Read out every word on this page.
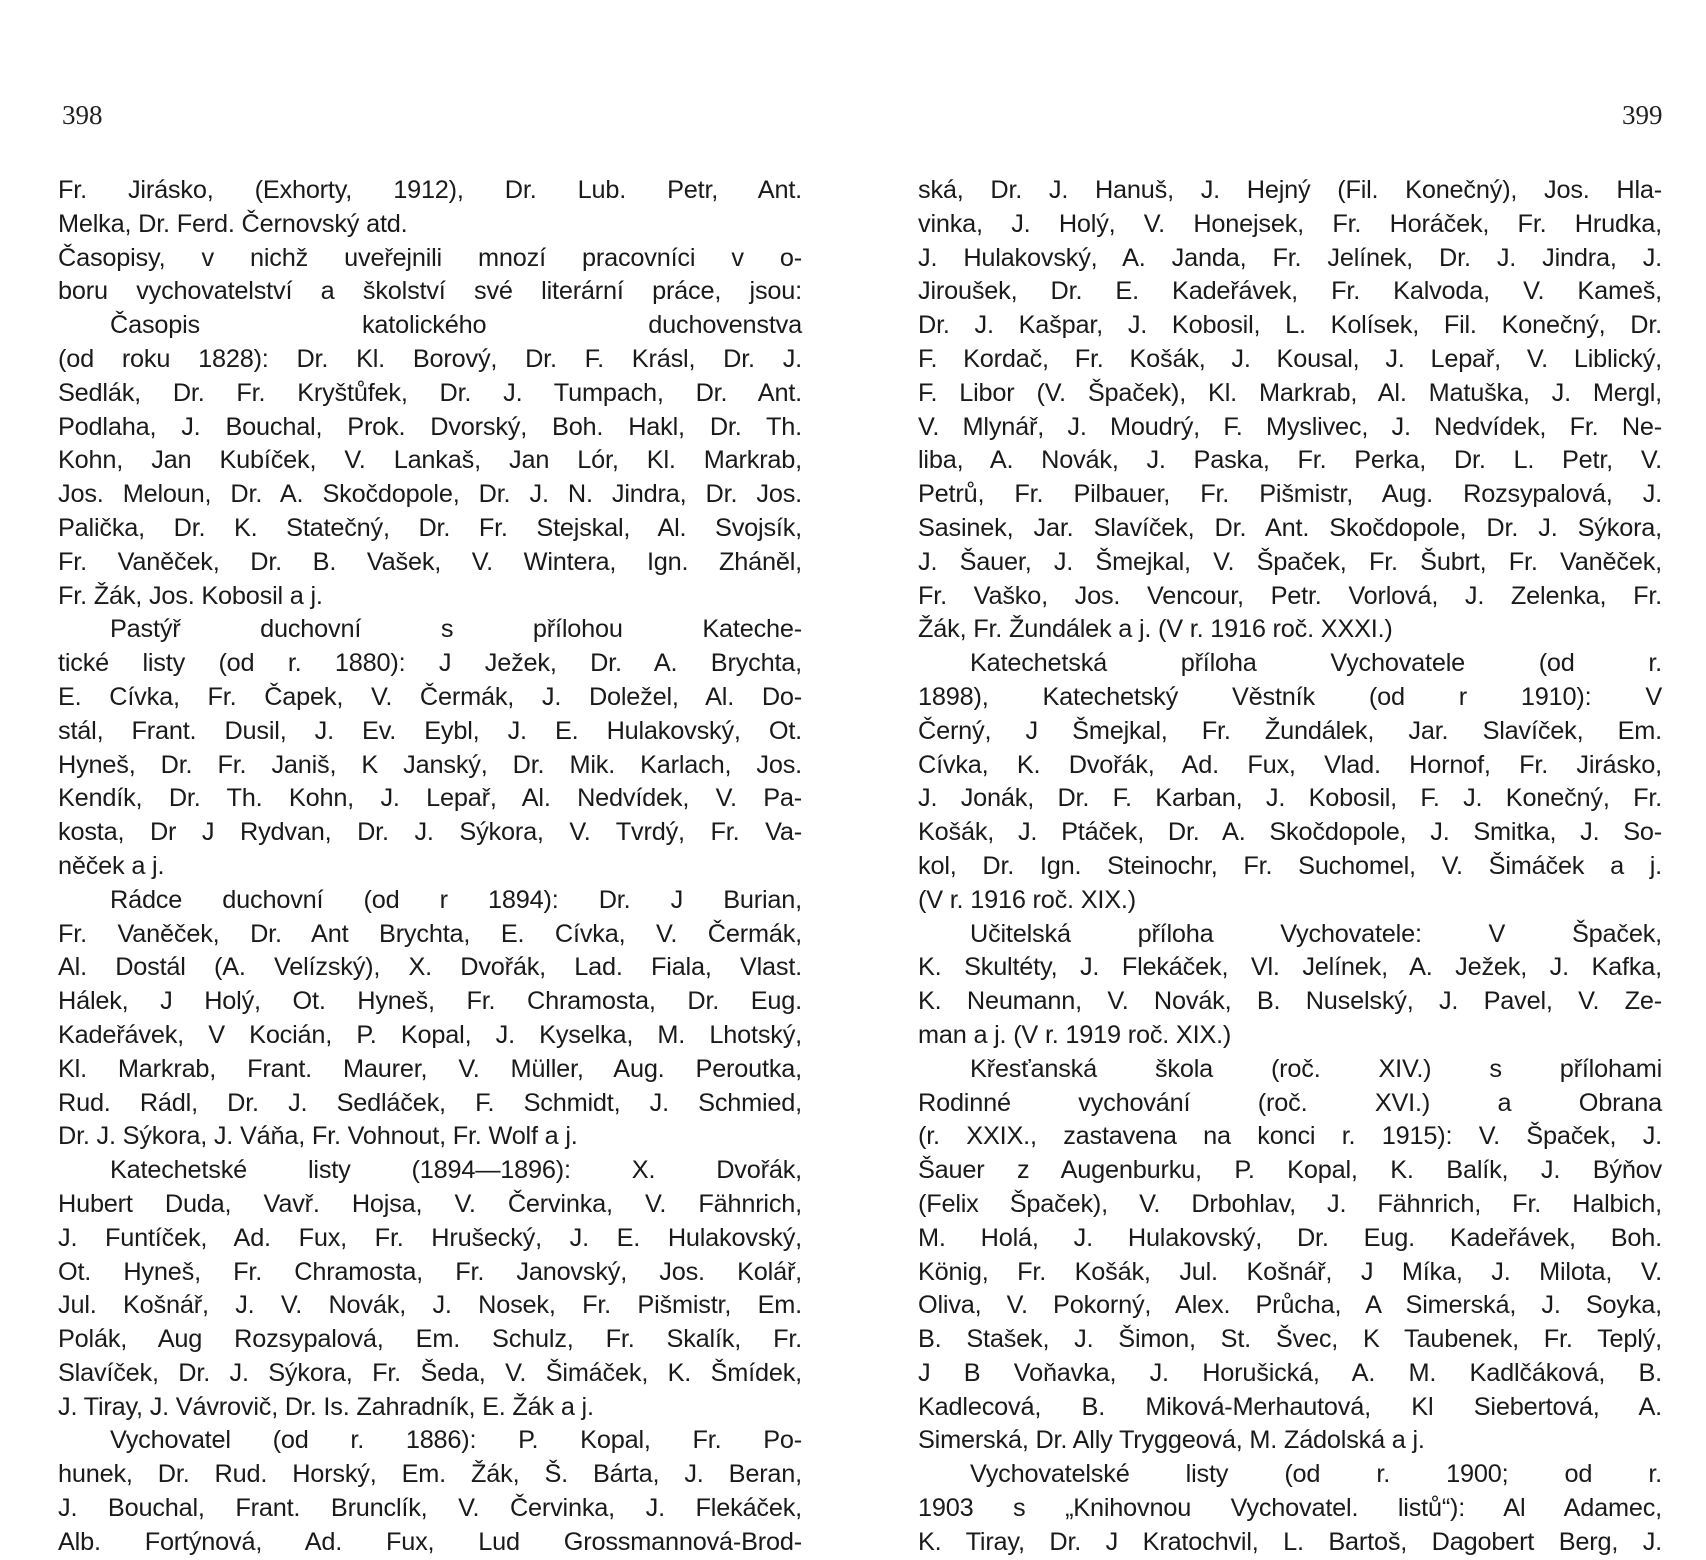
398	399
Fr. Jirásko, (Exhorty, 1912), Dr. Lub. Petr, Ant.
Melka, Dr. Ferd. Černovský atd.
Časopisy, v nichž uveřejnili mnozí pracovníci v o-
boru vychovatelství a školství své literární práce, jsou:
Časopis katolického duchovenstva
(od roku 1828): Dr. Kl. Borový, Dr. F. Krásl, Dr. J.
Sedlák, Dr. Fr. Kryštůfek, Dr. J. Tumpach, Dr. Ant.
Podlaha, J. Bouchal, Prok. Dvorský, Boh. Hakl, Dr. Th.
Kohn, Jan Kubíček, V. Lankaš, Jan Lór, Kl. Markrab,
Jos. Meloun, Dr. A. Skočdopole, Dr. J. N. Jindra, Dr. Jos.
Palička, Dr. K. Statečný, Dr. Fr. Stejskal, Al. Svojsík,
Fr. Vaněček, Dr. B. Vašek, V. Wintera, Ign. Zháněl,
Fr. Žák, Jos. Kobosil a j.
Pastýř duchovní s přílohou Kateche-
tické listy (od r. 1880): J Ježek, Dr. A. Brychta,
E. Cívka, Fr. Čapek, V. Čermák, J. Doležel, Al. Do-
stál, Frant. Dusil, J. Ev. Eybl, J. E. Hulakovský, Ot.
Hyneš, Dr. Fr. Janiš, K Janský, Dr. Mik. Karlach, Jos.
Kendík, Dr. Th. Kohn, J. Lepař, Al. Nedvídek, V. Pa-
kosta, Dr J Rydvan, Dr. J. Sýkora, V. Tvrdý, Fr. Va-
něček a j.
Rádce duchovní (od r 1894): Dr. J Burian,
Fr. Vaněček, Dr. Ant Brychta, E. Cívka, V. Čermák,
Al. Dostál (A. Velízský), X. Dvořák, Lad. Fiala, Vlast.
Hálek, J Holý, Ot. Hyneš, Fr. Chramosta, Dr. Eug.
Kadeřávek, V Kocián, P. Kopal, J. Kyselka, M. Lhotský,
Kl. Markrab, Frant. Maurer, V. Müller, Aug. Peroutka,
Rud. Rádl, Dr. J. Sedláček, F. Schmidt, J. Schmied,
Dr. J. Sýkora, J. Váňa, Fr. Vohnout, Fr. Wolf a j.
Katechetské listy (1894—1896): X. Dvořák,
Hubert Duda, Vavř. Hojsa, V. Červinka, V. Fähnrich,
J. Funtíček, Ad. Fux, Fr. Hrušecký, J. E. Hulakovský,
Ot. Hyneš, Fr. Chramosta, Fr. Janovský, Jos. Kolář,
Jul. Košnář, J. V. Novák, J. Nosek, Fr. Pišmistr, Em.
Polák, Aug Rozsypalová, Em. Schulz, Fr. Skalík, Fr.
Slavíček, Dr. J. Sýkora, Fr. Šeda, V. Šimáček, K. Šmídek,
J. Tiray, J. Vávrovič, Dr. Is. Zahradník, E. Žák a j.
Vychovatel (od r. 1886): P. Kopal, Fr. Po-
hunek, Dr. Rud. Horský, Em. Žák, Š. Bárta, J. Beran,
J. Bouchal, Frant. Brunclík, V. Červinka, J. Flekáček,
Alb. Fortýnová, Ad. Fux, Lud Grossmannová-Brod-
ská, Dr. J. Hanuš, J. Hejný (Fil. Konečný), Jos. Hla-
vinka, J. Holý, V. Honejsek, Fr. Horáček, Fr. Hrudka,
J. Hulakovský, A. Janda, Fr. Jelínek, Dr. J. Jindra, J.
Jiroušek, Dr. E. Kadeřávek, Fr. Kalvoda, V. Kameš,
Dr. J. Kašpar, J. Kobosil, L. Kolísek, Fil. Konečný, Dr.
F. Kordač, Fr. Košák, J. Kousal, J. Lepař, V. Liblický,
F. Libor (V. Špaček), Kl. Markrab, Al. Matuška, J. Mergl,
V. Mlynář, J. Moudrý, F. Myslivec, J. Nedvídek, Fr. Ne-
liba, A. Novák, J. Paska, Fr. Perka, Dr. L. Petr, V.
Petrů, Fr. Pilbauer, Fr. Pišmistr, Aug. Rozsypalová, J.
Sasinek, Jar. Slavíček, Dr. Ant. Skočdopole, Dr. J. Sýkora,
J. Šauer, J. Šmejkal, V. Špaček, Fr. Šubrt, Fr. Vaněček,
Fr. Vaško, Jos. Vencour, Petr. Vorlová, J. Zelenka, Fr.
Žák, Fr. Žundálek a j. (V r. 1916 roč. XXXI.)
Katechetská příloha Vychovatele (od r.
1898), Katechetský Věstník (od r 1910): V
Černý, J Šmejkal, Fr. Žundálek, Jar. Slavíček, Em.
Cívka, K. Dvořák, Ad. Fux, Vlad. Hornof, Fr. Jirásko,
J. Jonák, Dr. F. Karban, J. Kobosil, F. J. Konečný, Fr.
Košák, J. Ptáček, Dr. A. Skočdopole, J. Smitka, J. So-
kol, Dr. Ign. Steinochr, Fr. Suchomel, V. Šimáček a j.
(V r. 1916 roč. XIX.)
Učitelská příloha Vychovatele: V Špaček,
K. Skultéty, J. Flekáček, Vl. Jelínek, A. Ježek, J. Kafka,
K. Neumann, V. Novák, B. Nuselský, J. Pavel, V. Ze-
man a j. (V r. 1919 roč. XIX.)
Křesťanská škola (roč. XIV.) s přílohami
Rodinné vychování (roč. XVI.) a Obrana
(r. XXIX., zastavena na konci r. 1915): V. Špaček, J.
Šauer z Augenburku, P. Kopal, K. Balík, J. Býňov
(Felix Špaček), V. Drbohlav, J. Fähnrich, Fr. Halbich,
M. Holá, J. Hulakovský, Dr. Eug. Kadeřávek, Boh.
König, Fr. Košák, Jul. Košnář, J Míka, J. Milota, V.
Oliva, V. Pokorný, Alex. Průcha, A Simerská, J. Soyka,
B. Stašek, J. Šimon, St. Švec, K Taubenek, Fr. Teplý,
J B Voňavka, J. Horušická, A. M. Kadlčáková, B.
Kadlecová, B. Miková-Merhautová, Kl Siebertová, A.
Simerská, Dr. Ally Tryggeová, M. Zádolská a j.
Vychovatelské listy (od r. 1900; od r.
1903 s „Knihovnou Vychovatel. listů“): Al Adamec,
K. Tiray, Dr. J Kratochvil, L. Bartoš, Dagobert Berg, J.
